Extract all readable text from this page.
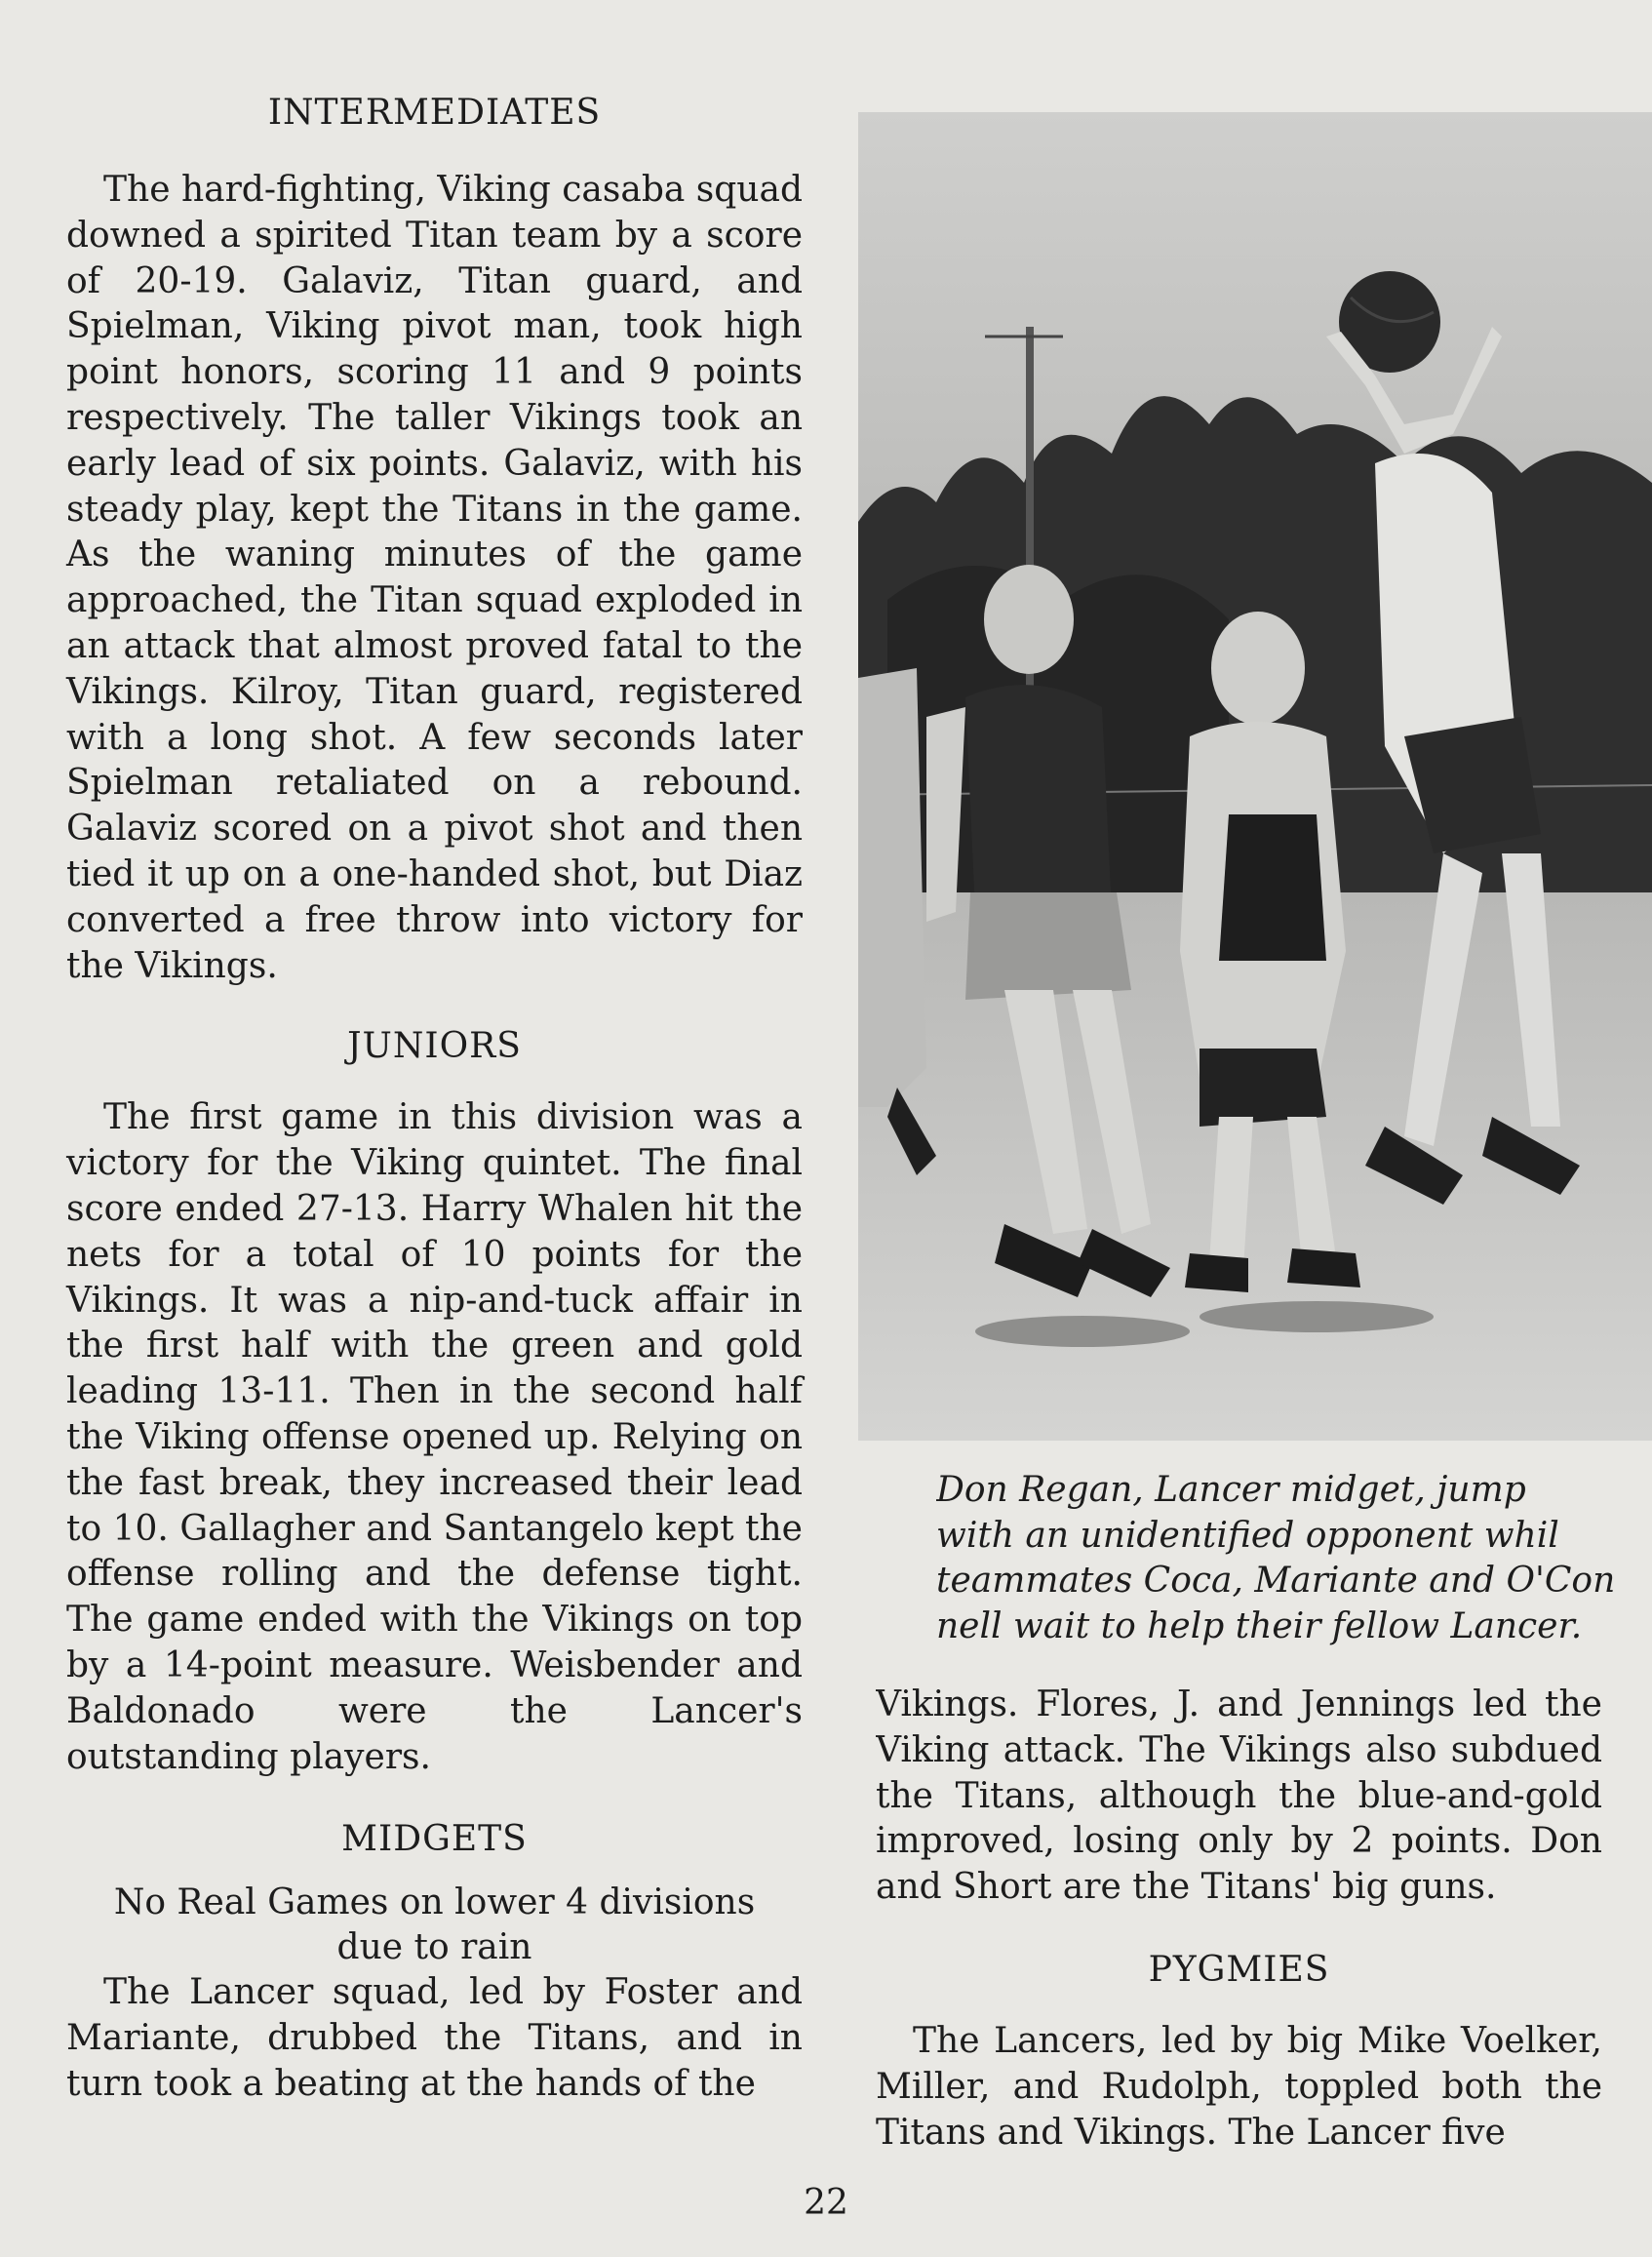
INTERMEDIATES

The hard-fighting, Viking casaba squad downed a spirited Titan team by a score of 20-19. Galaviz, Titan guard, and Spielman, Viking pivot man, took high point honors, scoring 11 and 9 points respectively. The taller Vikings took an early lead of six points. Galaviz, with his steady play, kept the Titans in the game. As the waning minutes of the game approached, the Titan squad exploded in an attack that almost proved fatal to the Vikings. Kilroy, Titan guard, registered with a long shot. A few seconds later Spielman retaliated on a rebound. Galaviz scored on a pivot shot and then tied it up on a one-handed shot, but Diaz converted a free throw into victory for the Vikings.

JUNIORS

The first game in this division was a victory for the Viking quintet. The final score ended 27-13. Harry Whalen hit the nets for a total of 10 points for the Vikings. It was a nip-and-tuck affair in the first half with the green and gold leading 13-11. Then in the second half the Viking offense opened up. Relying on the fast break, they increased their lead to 10. Gallagher and Santangelo kept the offense rolling and the defense tight. The game ended with the Vikings on top by a 14-point measure. Weisbender and Baldonado were the Lancer's outstanding players.

MIDGETS

No Real Games on lower 4 divisions

due to rain

The Lancer squad, led by Foster and Mariante, drubbed the Titans, and in turn took a beating at the hands of the

Don Regan, Lancer midget, jump
with an unidentified opponent whil
teammates Coca, Mariante and O'Con
nell wait to help their fellow Lancer.

Vikings. Flores, J. and Jennings led the Viking attack. The Vikings also subdued the Titans, although the blue-and-gold improved, losing only by 2 points. Don and Short are the Titans' big guns.

PYGMIES

The Lancers, led by big Mike Voelker, Miller, and Rudolph, toppled both the Titans and Vikings. The Lancer five

22
